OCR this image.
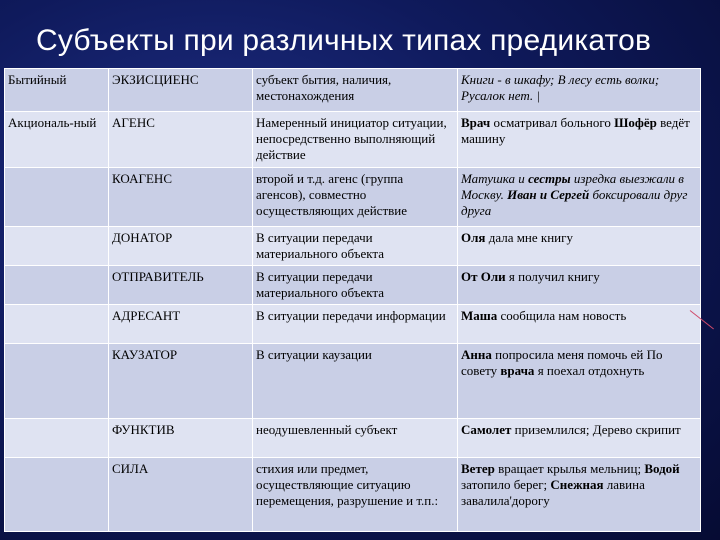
Субъекты при различных типах предикатов
Бытийный	ЭКЗИСЦИЕНС	субъект бытия, наличия, местонахождения	Книги - в шкафу; В лесу есть волки; Русалок нет. |
Акциональ-ный	АГЕНС	Намеренный инициатор ситуации, непосредственно выполняющий действие	Врач осматривал больного Шофёр ведёт машину
	КОАГЕНС	второй и т.д. агенс (группа агенсов), совместно осуществляющих действие	Матушка и сестры изредка выезжали в Москву. Иван и Сергей боксировали друг друга
	ДОНАТОР	В ситуации передачи материального объекта	Оля дала мне книгу
	ОТПРАВИТЕЛЬ	В ситуации передачи материального объекта	От Оли я получил книгу
	АДРЕСАНТ	В ситуации передачи информации	Маша сообщила нам новость
	КАУЗАТОР	В ситуации каузации	Анна попросила меня помочь ей По совету врача я поехал отдохнуть
	ФУНКТИВ	неодушевленный субъект	Самолет приземлился; Дерево скрипит
	СИЛА	стихия или предмет, осуществляющие ситуацию перемещения, разрушение и т.п.:	Ветер вращает крылья мельниц; Водой затопило берег; Снежная лавина завалила'дорогу
